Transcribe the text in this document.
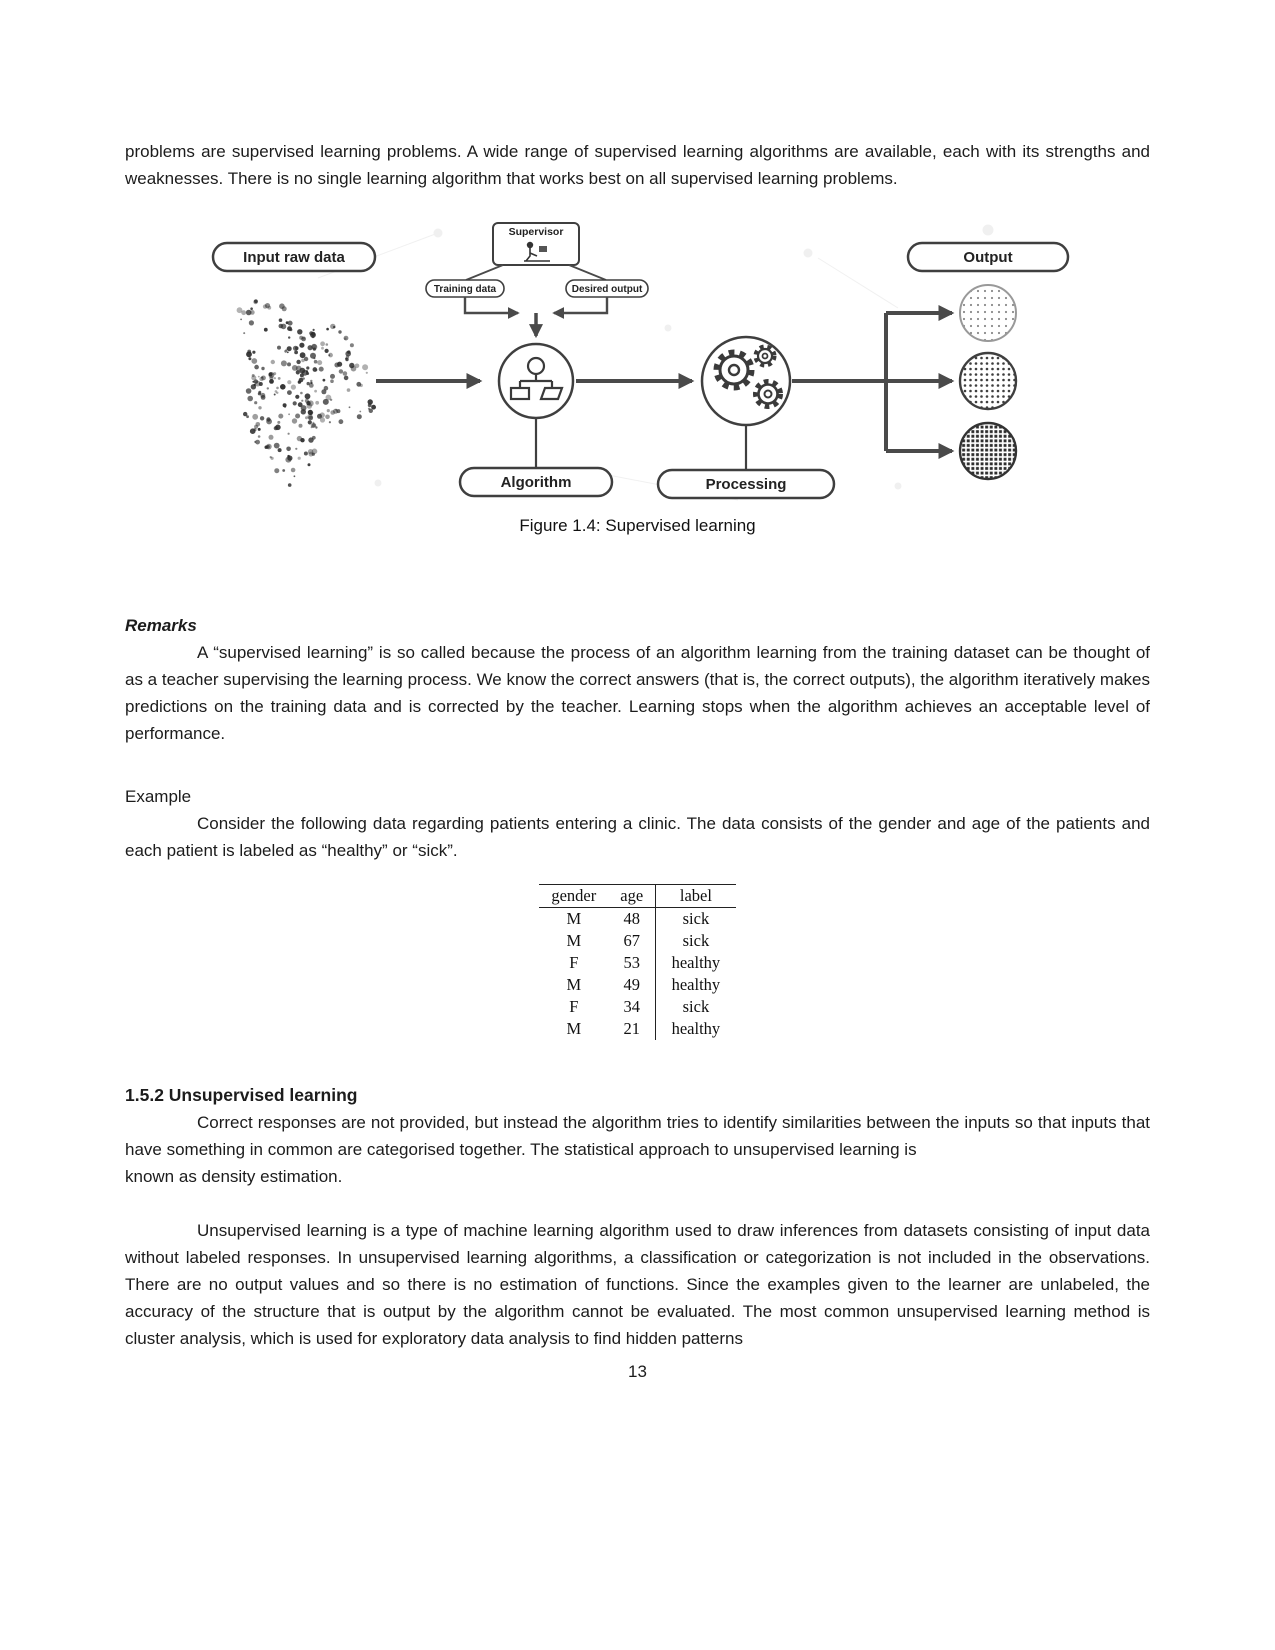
problems are supervised learning problems. A wide range of supervised learning algorithms are available, each with its strengths and weaknesses. There is no single learning algorithm that works best on all supervised learning problems.

Input raw data
Supervisor
Training data	Desired output
Algorithm	Processing
Output
Figure 1.4: Supervised learning
Remarks

A “supervised learning” is so called because the process of an algorithm learning from the training dataset can be thought of as a teacher supervising the learning process. We know the correct answers (that is, the correct outputs), the algorithm iteratively makes predictions on the training data and is corrected by the teacher. Learning stops when the algorithm achieves an acceptable level of performance.

Example

Consider the following data regarding patients entering a clinic. The data consists of the gender and age of the patients and each patient is labeled as “healthy” or “sick”.

gender	age	label
M	48	sick
M	67	sick
F	53	healthy
M	49	healthy
F	34	sick
M	21	healthy
1.5.2 Unsupervised learning

Correct responses are not provided, but instead the algorithm tries to identify similarities between the inputs so that inputs that have something in common are categorised together. The statistical approach to unsupervised learning is
known as density estimation.

Unsupervised learning is a type of machine learning algorithm used to draw inferences from datasets consisting of input data without labeled responses. In unsupervised learning algorithms, a classification or categorization is not included in the observations. There are no output values and so there is no estimation of functions. Since the examples given to the learner are unlabeled, the accuracy of the structure that is output by the algorithm cannot be evaluated. The most common unsupervised learning method is cluster analysis, which is used for exploratory data analysis to find hidden patterns

13
